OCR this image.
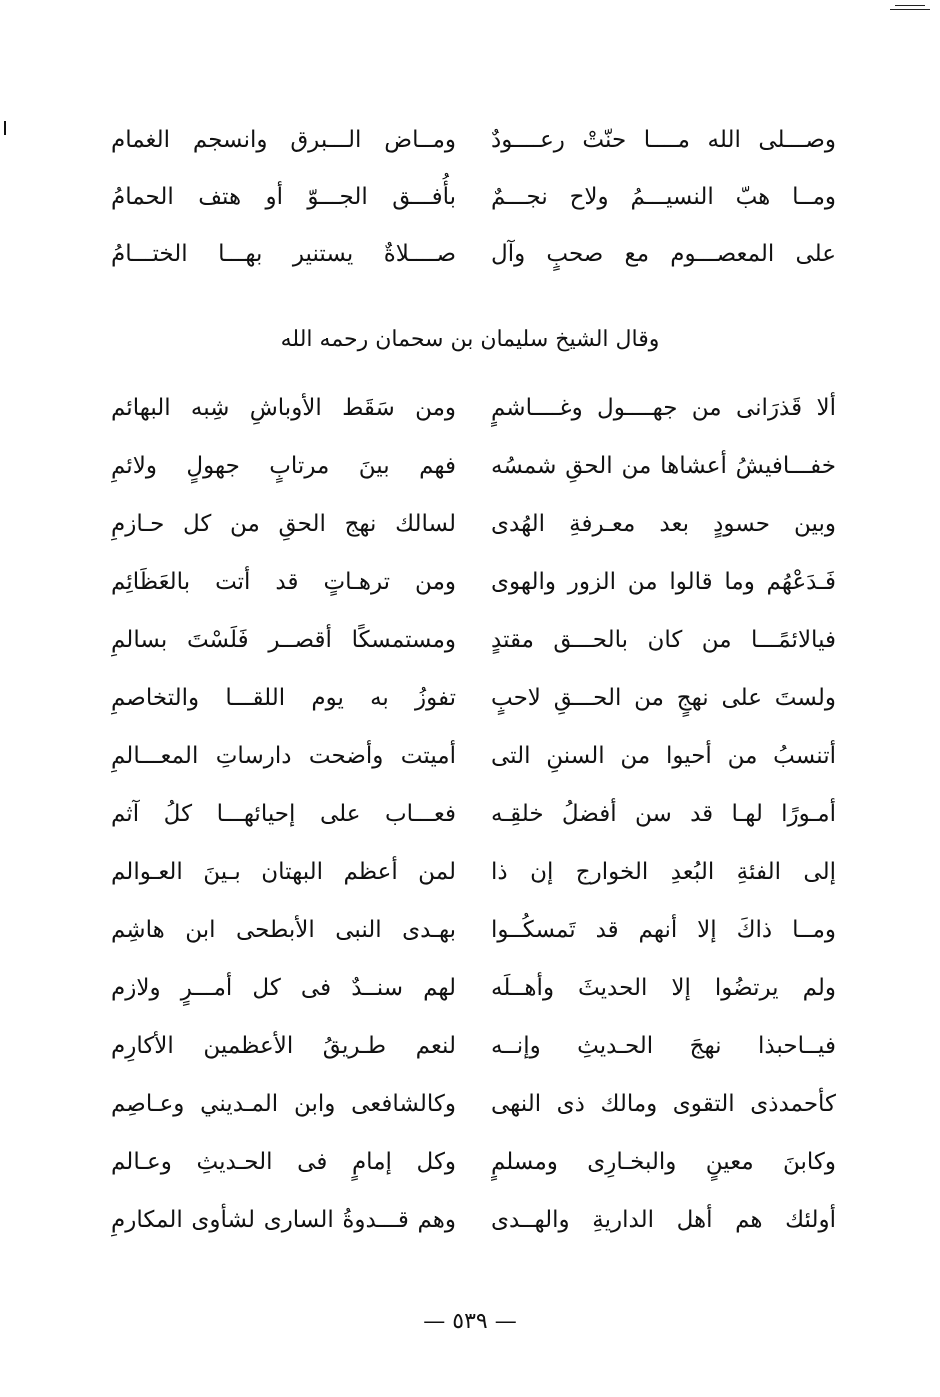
وصـــلى الله مــــا حنّتْ رعــــودٌ
ومــاض الـــبرق وانسجم الغمام
ومــا هبّ النسيـــمُ ولاح نجـــمٌ
بأُفـــق الجـــوّ أو هتف الحمامُ
على المعصـــوم مع صحبٍ وآل
صــــلاةٌ يستنير بهـــا الختـــامُ
وقال الشيخ سليمان بن سحمان رحمه الله
ألا قَذرَانى من جهــــول وغــــاشمٍ
ومن سَقَط الأوباشِ شِبه البهائم
خفـــافيشُ أعشاها من الحقِ شمسُه
فهم بينَ مرتابٍ جهولٍ ولائمِ
وبين حسودٍ بعد معـرفةِ الهُدى
لسالك نهج الحقِ من كل حـازمِ
فَـدَعْهُم وما قالوا من الزور والهوى
ومن ترهـاتٍ قد أتت بالعَظَائِم
فيالائمًـــا من كان بالحـــق مقتدٍ
ومستمسكًا أقصــر فَلَسْتَ بسالمِ
ولستَ على نهجٍ من الحـــقِ لاحبٍ
تفوزُ به يوم اللقـــا والتخاصمِ
أتنسبُ من أحيوا من السننِ التى
أميتت وأضحت دارساتِ المعـــالمِ
أمـورًا لهـا قد سن أفضلُ خلقِـه
فعـــاب على إحيائهـــا كلُ آثم
إلى الفئةِ البُعدِ الخوارج إن ذا
لمن أعظم البهتان بـينَ العـوالم
ومــا ذاكَ إلا أنهم قد تَمسكُــوا
بهـدى النبى الأبطحى ابن هاشِم
ولم يرتضُوا إلا الحديثَ وأهــلَه
لهم سنــدٌ فى كل أمـــرٍ ولازم
فيــاحبذا نهجَ الحـديثِ وإنــه
لنعم طـريقُ الأعظمين الأكارِم
كأحمدذى التقوى ومالك ذى النهى
وكالشافعى وابن المـديني وعـاصِم
وكابنَ معينٍ والبخـارِى ومسلمٍ
وكل إمامٍ فى الحـديثِ وعـالم
أولئك هم أهل الداريةِ والهــدى
وهم قـــدوةُ السارى لشأوى المكارمِ
— ٥٣٩ —
